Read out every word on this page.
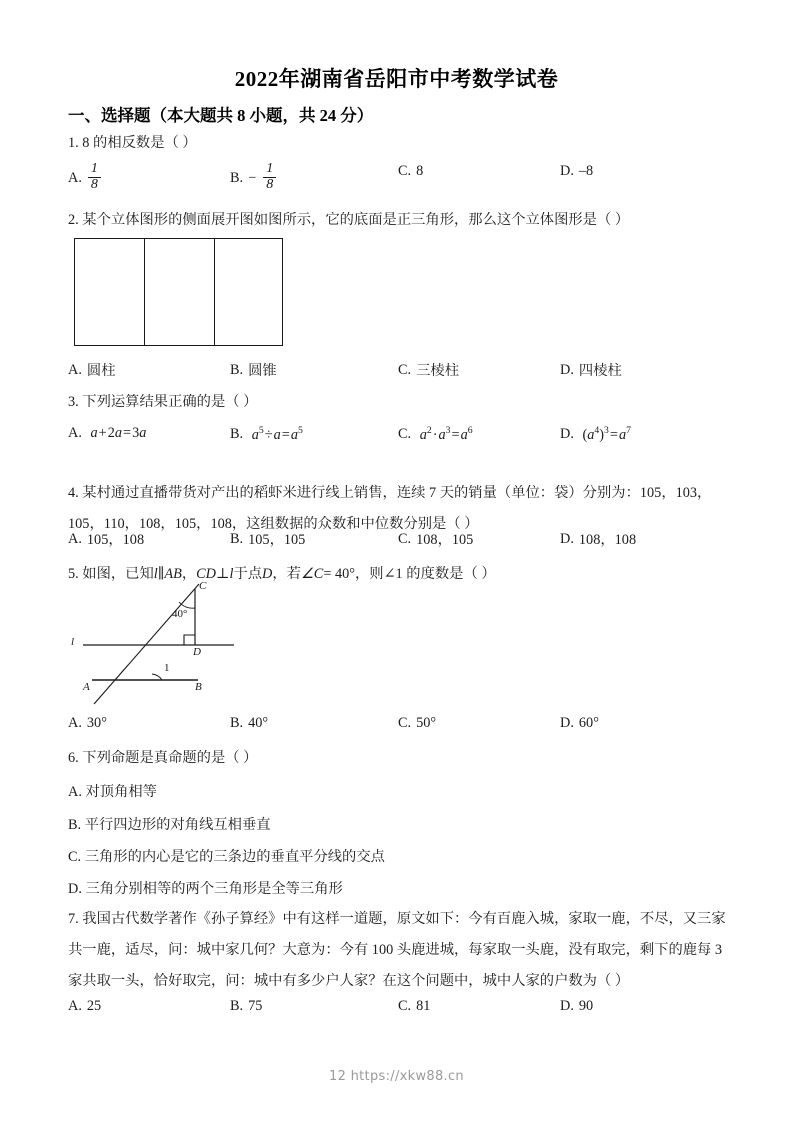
2022年湖南省岳阳市中考数学试卷
一、选择题（本大题共 8 小题，共 24 分）
1. 8 的相反数是（ ）
A. $\frac{1}{8}$	B. − $\frac{1}{8}$	C. 8	D. –8
2. 某个立体图形的侧面展开图如图所示，它的底面是正三角形，那么这个立体图形是（ ）
A. 圆柱	B. 圆锥	C. 三棱柱	D. 四棱柱
3. 下列运算结果正确的是（ ）
A. a+2a=3a	B. $a^5\div a=a^5$	C. $a^2\cdot a^3=a^6$	D. $(a^4)^3=a^7$
4. 某村通过直播带货对产出的稻虾米进行线上销售，连续 7 天的销量（单位：袋）分别为：105，103，105，110，108，105，108，这组数据的众数和中位数分别是（ ）
A. 105，108	B. 105，105	C. 108，105	D. 108，108
5. 如图，已知l∥AB，CD⊥l于点D，若∠C= 40°，则∠1 的度数是（ ）
C
D
A	B
l
40°
1
A. 30°	B. 40°	C. 50°	D. 60°
6. 下列命题是真命题的是（ ）
A. 对顶角相等
B. 平行四边形的对角线互相垂直
C. 三角形的内心是它的三条边的垂直平分线的交点
D. 三角分别相等的两个三角形是全等三角形
7. 我国古代数学著作《孙子算经》中有这样一道题，原文如下：今有百鹿入城，家取一鹿，不尽，又三家共一鹿，适尽，问：城中家几何？大意为：今有 100 头鹿进城，每家取一头鹿，没有取完，剩下的鹿每 3 家共取一头，恰好取完，问：城中有多少户人家？在这个问题中，城中人家的户数为（ ）
A. 25	B. 75	C. 81	D. 90
12 https://xkw88.cn
